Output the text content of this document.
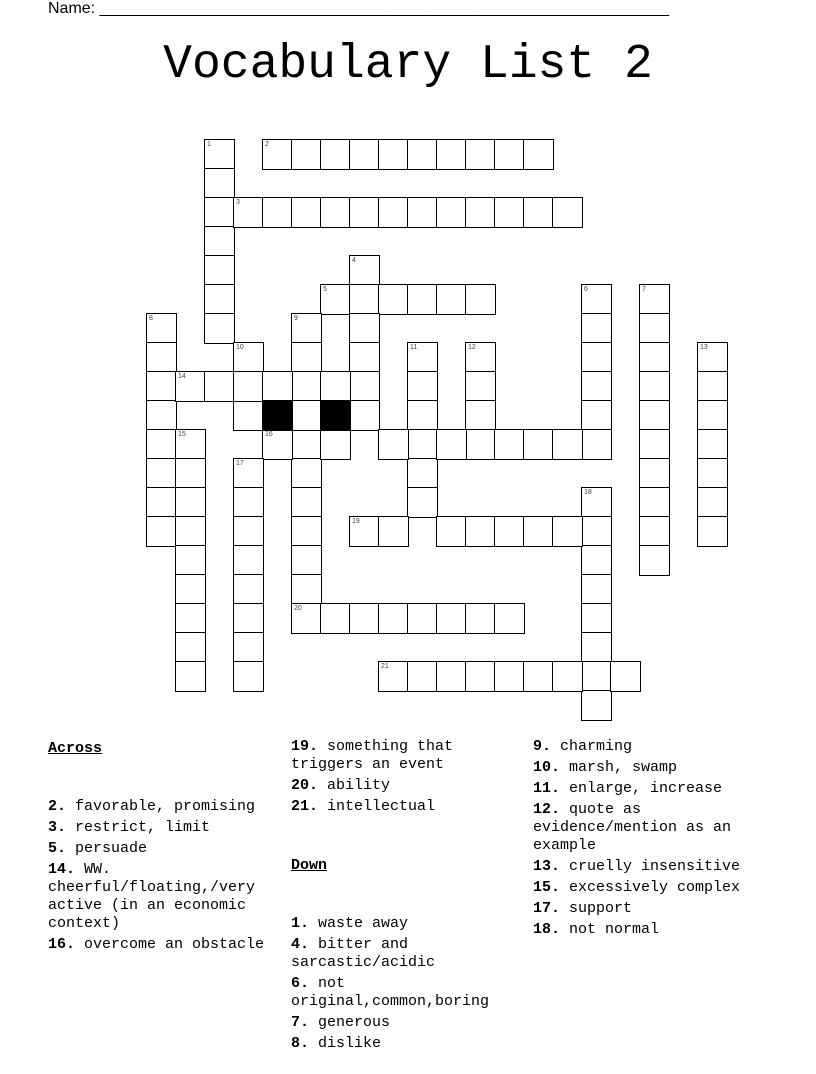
Name: ________________________________________________________________
Vocabulary List 2
1	2
3
4
5	6	7
8	9
10	11	12	13
14
16
15
17
18
19
20
21

Across

2. favorable, promising
3. restrict, limit
5. persuade
14. WW. cheerful/floating,/very active (in an economic context)
16. overcome an obstacle

19. something that triggers an event
20. ability
21. intellectual

Down

1. waste away
4. bitter and sarcastic/acidic
6. not original,common,boring
7. generous
8. dislike

9. charming
10. marsh, swamp
11. enlarge, increase
12. quote as evidence/mention as an example
13. cruelly insensitive
15. excessively complex
17. support
18. not normal
